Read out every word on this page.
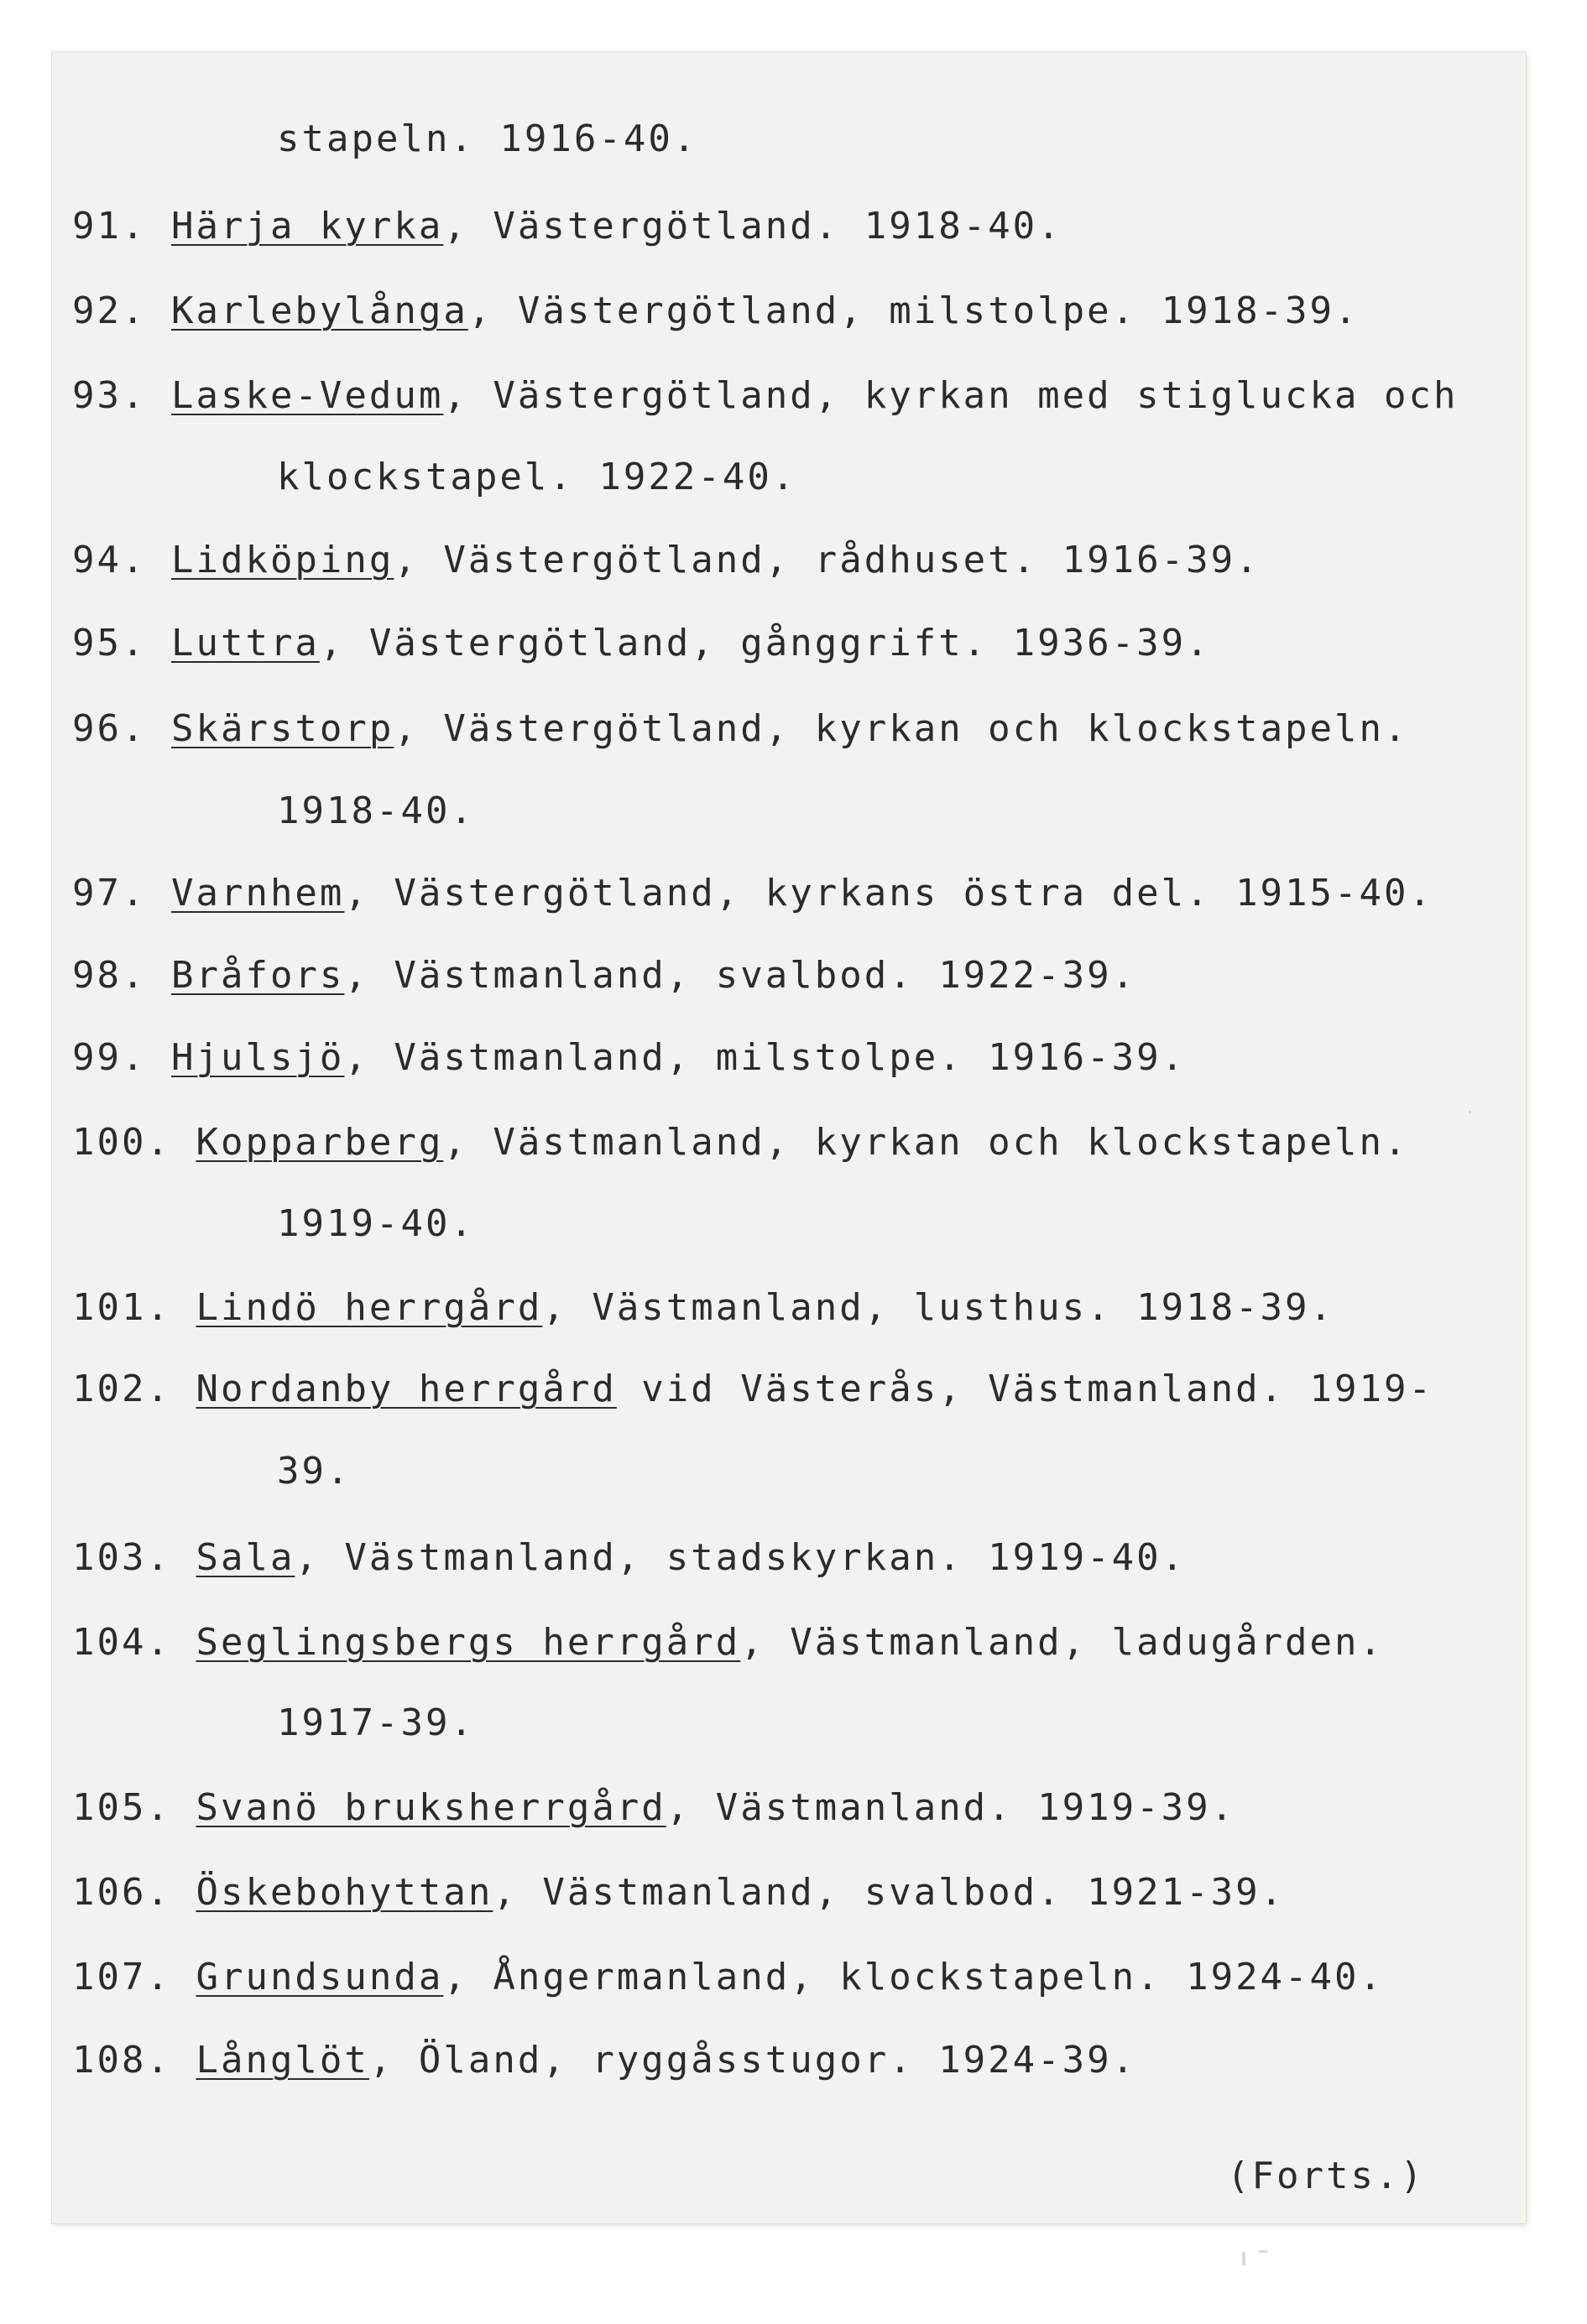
stapeln. 1916-40.
91. Härja kyrka, Västergötland. 1918-40.
92. Karlebylånga, Västergötland, milstolpe. 1918-39.
93. Laske-Vedum, Västergötland, kyrkan med stiglucka och
klockstapel. 1922-40.
94. Lidköping, Västergötland, rådhuset. 1916-39.
95. Luttra, Västergötland, gånggrift. 1936-39.
96. Skärstorp, Västergötland, kyrkan och klockstapeln.
1918-40.
97. Varnhem, Västergötland, kyrkans östra del. 1915-40.
98. Bråfors, Västmanland, svalbod. 1922-39.
99. Hjulsjö, Västmanland, milstolpe. 1916-39.
100. Kopparberg, Västmanland, kyrkan och klockstapeln.
1919-40.
101. Lindö herrgård, Västmanland, lusthus. 1918-39.
102. Nordanby herrgård vid Västerås, Västmanland. 1919-
39.
103. Sala, Västmanland, stadskyrkan. 1919-40.
104. Seglingsbergs herrgård, Västmanland, ladugården.
1917-39.
105. Svanö bruksherrgård, Västmanland. 1919-39.
106. Öskebohyttan, Västmanland, svalbod. 1921-39.
107. Grundsunda, Ångermanland, klockstapeln. 1924-40.
108. Långlöt, Öland, ryggåsstugor. 1924-39.
(Forts.)
